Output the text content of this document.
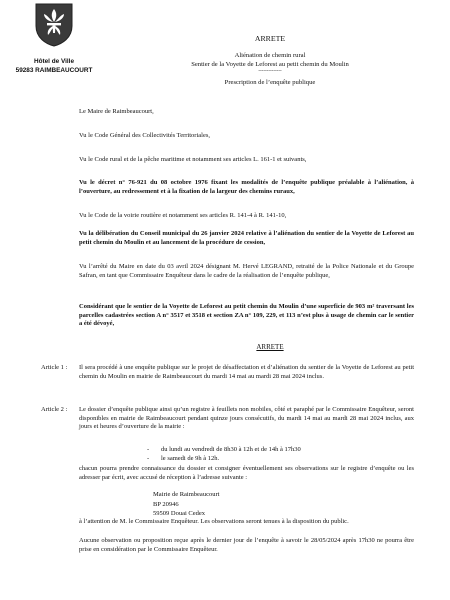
Hôtel de Ville
59283 RAIMBEAUCOURT
ARRETE
Aliénation de chemin rural
Sentier de la Voyette de Leforest au petit chemin du Moulin
--------------
Prescription de l’enquête publique
Le Maire de Raimbeaucourt,
Vu le Code Général des Collectivités Territoriales,
Vu le Code rural et de la pêche maritime et notamment ses articles L. 161-1 et suivants,
Vu le décret n° 76-921 du 08 octobre 1976 fixant les modalités de l’enquête publique préalable à l’aliénation, à l’ouverture, au redressement et à la fixation de la largeur des chemins ruraux,
Vu le Code de la voirie routière et notamment ses articles R. 141-4 à R. 141-10,
Vu la délibération du Conseil municipal du 26 janvier 2024 relative à l’aliénation du sentier de la Voyette de Leforest au petit chemin du Moulin et au lancement de la procédure de cession,
Vu l’arrêté du Maire en date du 03 avril 2024 désignant M. Hervé LEGRAND, retraité de la Police Nationale et du Groupe Safran, en tant que Commissaire Enquêteur dans le cadre de la réalisation de l’enquête publique,
Considérant que le sentier de la Voyette de Leforest au petit chemin du Moulin d’une superficie de 903 m² traversant les parcelles cadastrées section A n° 3517 et 3518 et section ZA n° 109, 229, et 113 n’est plus à usage de chemin car le sentier a été dévoyé,
ARRETE
Article 1 : Il sera procédé à une enquête publique sur le projet de désaffectation et d’aliénation du sentier de la Voyette de Leforest au petit chemin du Moulin en mairie de Raimbeaucourt du mardi 14 mai au mardi 28 mai 2024 inclus.
Article 2 : Le dossier d’enquête publique ainsi qu’un registre à feuillets non mobiles, côté et paraphé par le Commissaire Enquêteur, seront disponibles en mairie de Raimbeaucourt pendant quinze jours consécutifs, du mardi 14 mai au mardi 28 mai 2024 inclus, aux jours et heures d’ouverture de la mairie :
-	du lundi au vendredi de 8h30 à 12h et de 14h à 17h30
-	le samedi de 9h à 12h.
chacun pourra prendre connaissance du dossier et consigner éventuellement ses observations sur le registre d’enquête ou les adresser par écrit, avec accusé de réception à l’adresse suivante :
Mairie de Raimbeaucourt
BP 20946
59509 Douai Cedex
à l’attention de M. le Commissaire Enquêteur. Les observations seront tenues à la disposition du public.
Aucune observation ou proposition reçue après le dernier jour de l’enquête à savoir le 28/05/2024 après 17h30 ne pourra être prise en considération par le Commissaire Enquêteur.
